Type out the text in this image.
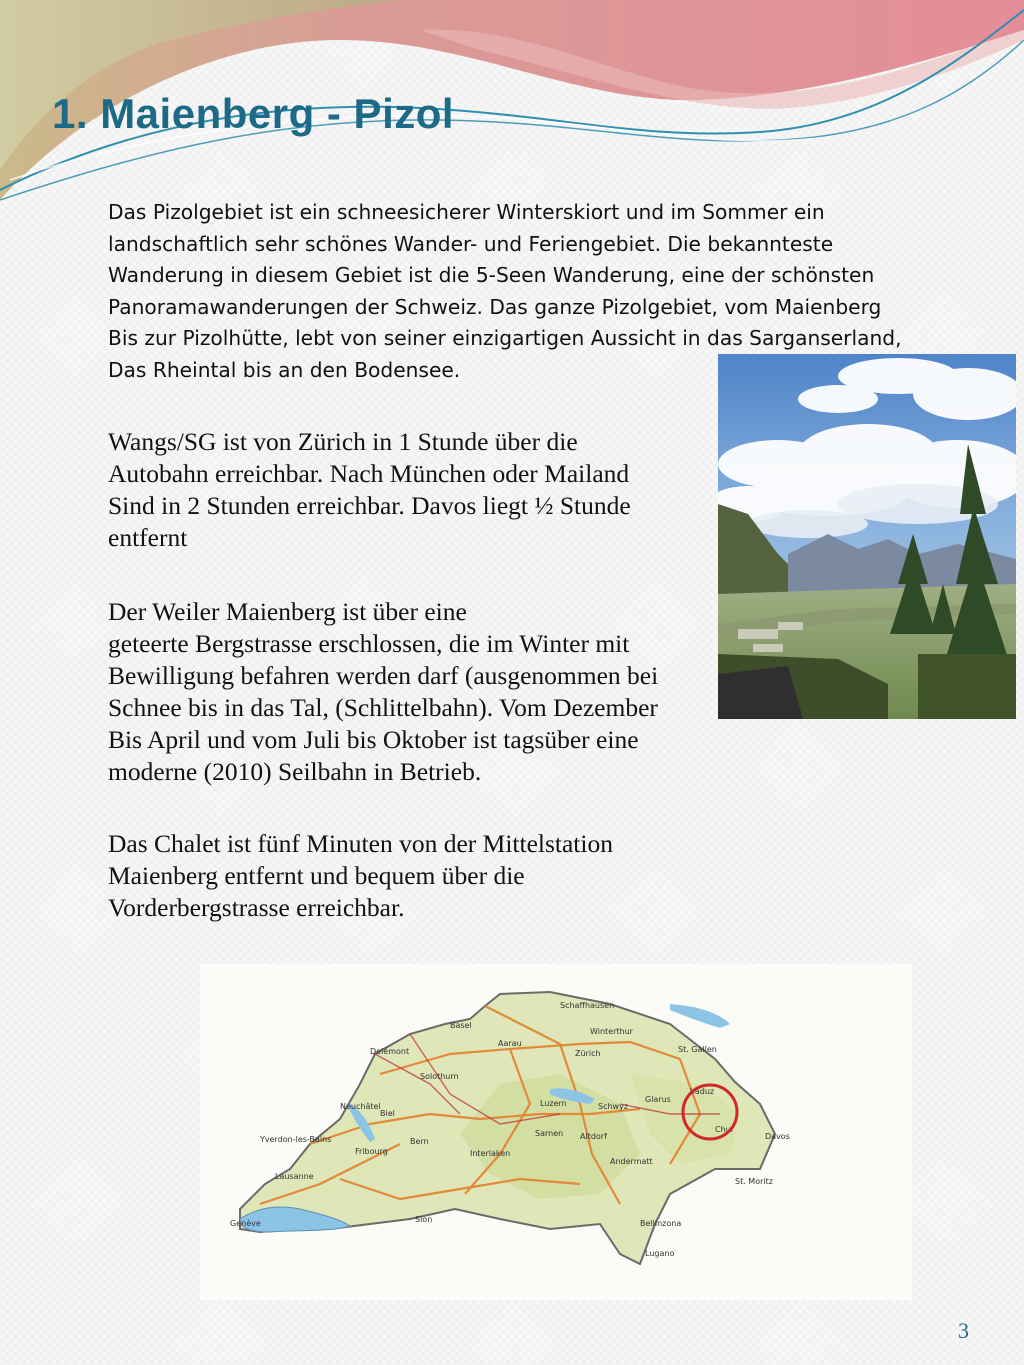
1. Maienberg - Pizol
Das Pizolgebiet ist ein schneesicherer Winterskiort und im Sommer ein
landschaftlich sehr schönes Wander- und Feriengebiet. Die bekannteste
Wanderung in diesem Gebiet ist die 5-Seen Wanderung, eine der schönsten
Panoramawanderungen der Schweiz. Das ganze Pizolgebiet, vom Maienberg
Bis zur Pizolhütte, lebt von seiner einzigartigen Aussicht in das Sarganserland,
Das Rheintal bis an den Bodensee.
Wangs/SG ist von Zürich in 1 Stunde über die
Autobahn erreichbar. Nach München oder Mailand
Sind in 2 Stunden erreichbar. Davos liegt ½ Stunde
entfernt
Der Weiler Maienberg ist über eine
geteerte Bergstrasse erschlossen, die im Winter mit
Bewilligung befahren werden darf (ausgenommen bei
Schnee bis in das Tal, (Schlittelbahn). Vom Dezember
Bis April und vom Juli bis Oktober ist tagsüber eine
moderne (2010) Seilbahn in Betrieb.
Das Chalet ist fünf Minuten von der Mittelstation
Maienberg entfernt und bequem über die
Vorderbergstrasse erreichbar.
Schaffhausen
Basel
Winterthur
St. Gallen
Delémont
Aarau
Zürich
Solothurn
Vaduz
Neuchâtel
Biel
Luzern	Schwyz
Glarus
Bern
Sarnen Altdorf
Chur
Davos
Yverdon-les-Bains
Fribourg	Interlaken
Andermatt
Lausanne
St. Moritz
Genève	Sion	Bellinzona
Lugano
3
